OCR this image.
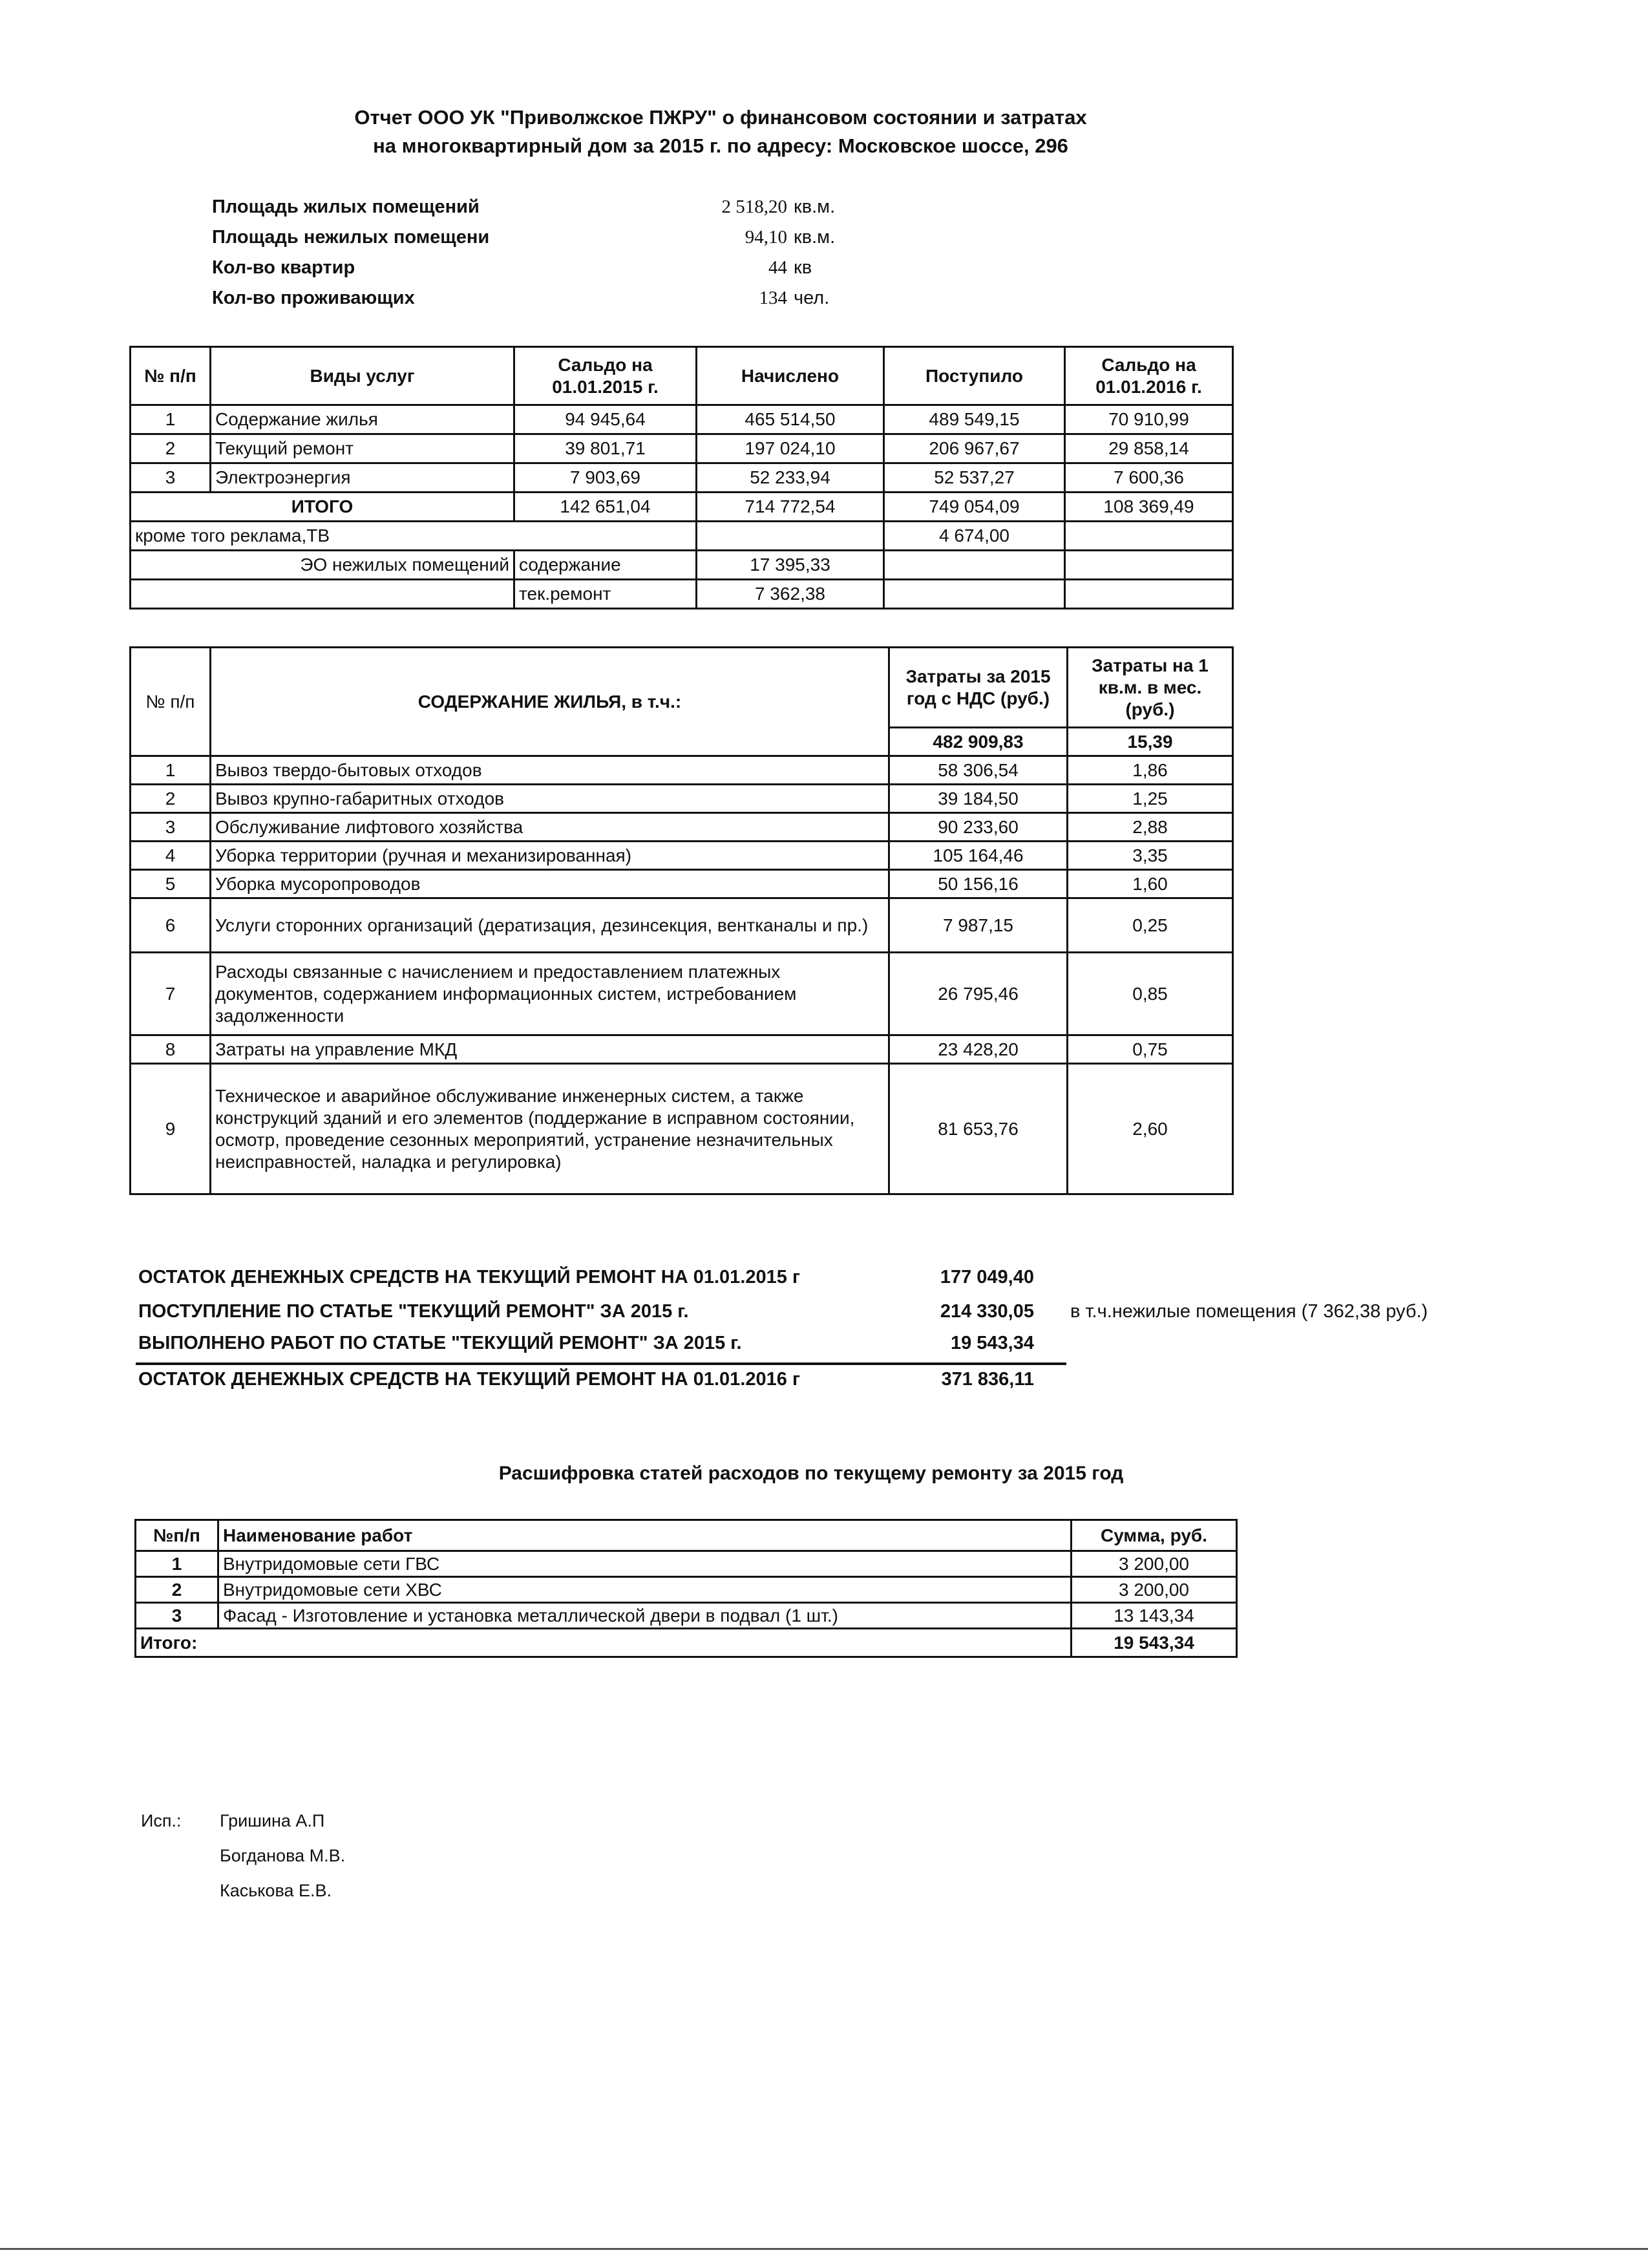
Отчет ООО УК "Приволжское ПЖРУ" о финансовом состоянии и затратах
на многоквартирный дом за 2015 г. по адресу: Московское шоссе, 296
Площадь жилых помещений	2 518,20 кв.м.
Площадь нежилых помещени	94,10 кв.м.
Кол-во квартир	44 кв
Кол-во проживающих	134 чел.
№ п/п	Виды услуг	Сальдо на 01.01.2015 г.	Начислено	Поступило	Сальдо на 01.01.2016 г.
1	Содержание жилья	94 945,64	465 514,50	489 549,15	70 910,99
2	Текущий ремонт	39 801,71	197 024,10	206 967,67	29 858,14
3	Электроэнергия	7 903,69	52 233,94	52 537,27	7 600,36
ИТОГО		142 651,04	714 772,54	749 054,09	108 369,49
кроме того реклама,ТВ				4 674,00	
ЭО нежилых помещений		содержание	17 395,33		
		тек.ремонт	7 362,38		
№ п/п	СОДЕРЖАНИЕ ЖИЛЬЯ, в т.ч.:	Затраты за 2015 год с НДС (руб.)	Затраты на 1 кв.м. в мес. (руб.)
		482 909,83	15,39
1	Вывоз твердо-бытовых отходов	58 306,54	1,86
2	Вывоз крупно-габаритных отходов	39 184,50	1,25
3	Обслуживание лифтового хозяйства	90 233,60	2,88
4	Уборка территории (ручная и механизированная)	105 164,46	3,35
5	Уборка мусоропроводов	50 156,16	1,60
6	Услуги сторонних организаций (дератизация, дезинсекция, вентканалы и пр.)	7 987,15	0,25
7	Расходы связанные с начислением и предоставлением платежных документов, содержанием информационных систем, истребованием задолженности	26 795,46	0,85
8	Затраты на управление МКД	23 428,20	0,75
9	Техническое и аварийное обслуживание инженерных систем, а также конструкций зданий и его элементов (поддержание в исправном состоянии, осмотр, проведение сезонных мероприятий, устранение незначительных неисправностей, наладка и регулировка)	81 653,76	2,60
ОСТАТОК ДЕНЕЖНЫХ СРЕДСТВ НА ТЕКУЩИЙ РЕМОНТ НА 01.01.2015 г	177 049,40
ПОСТУПЛЕНИЕ ПО СТАТЬЕ "ТЕКУЩИЙ РЕМОНТ" ЗА 2015 г.	214 330,05 в т.ч.нежилые помещения (7 362,38 руб.)
ВЫПОЛНЕНО РАБОТ ПО СТАТЬЕ "ТЕКУЩИЙ РЕМОНТ" ЗА 2015 г.	19 543,34
ОСТАТОК ДЕНЕЖНЫХ СРЕДСТВ НА ТЕКУЩИЙ РЕМОНТ НА 01.01.2016 г	371 836,11
Расшифровка статей расходов по текущему ремонту за 2015 год
№п/п	Наименование работ	Сумма, руб.
1	Внутридомовые сети ГВС	3 200,00
2	Внутридомовые сети ХВС	3 200,00
3	Фасад - Изготовление и установка металлической двери в подвал (1 шт.)	13 143,34
Итого:		19 543,34
Исп.: Гришина А.П
Богданова М.В.
Каськова Е.В.
